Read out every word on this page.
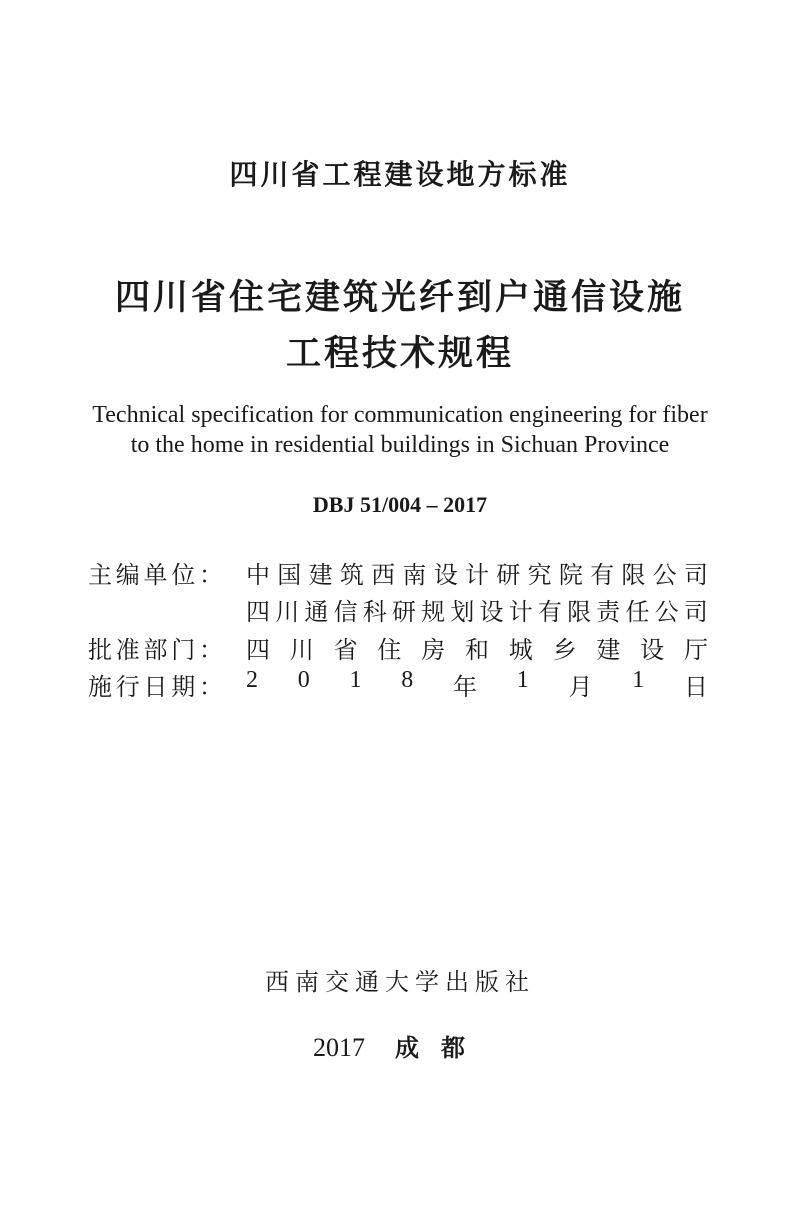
四川省工程建设地方标准
四川省住宅建筑光纤到户通信设施
工程技术规程
Technical specification for communication engineering for fiber
to the home in residential buildings in Sichuan Province
DBJ 51/004 – 2017
主 编 单 位 ： 中 国 建 筑 西 南 设 计 研 究 院 有 限 公 司
四 川 通 信 科 研 规 划 设 计 有 限 责 任 公 司
批 准 部 门 ： 四 川 省 住 房 和 城 乡 建 设 厅
施 行 日 期 ： 2 0 1 8 年 1 月 1 日
西南交通大学出版社
2017 成都
